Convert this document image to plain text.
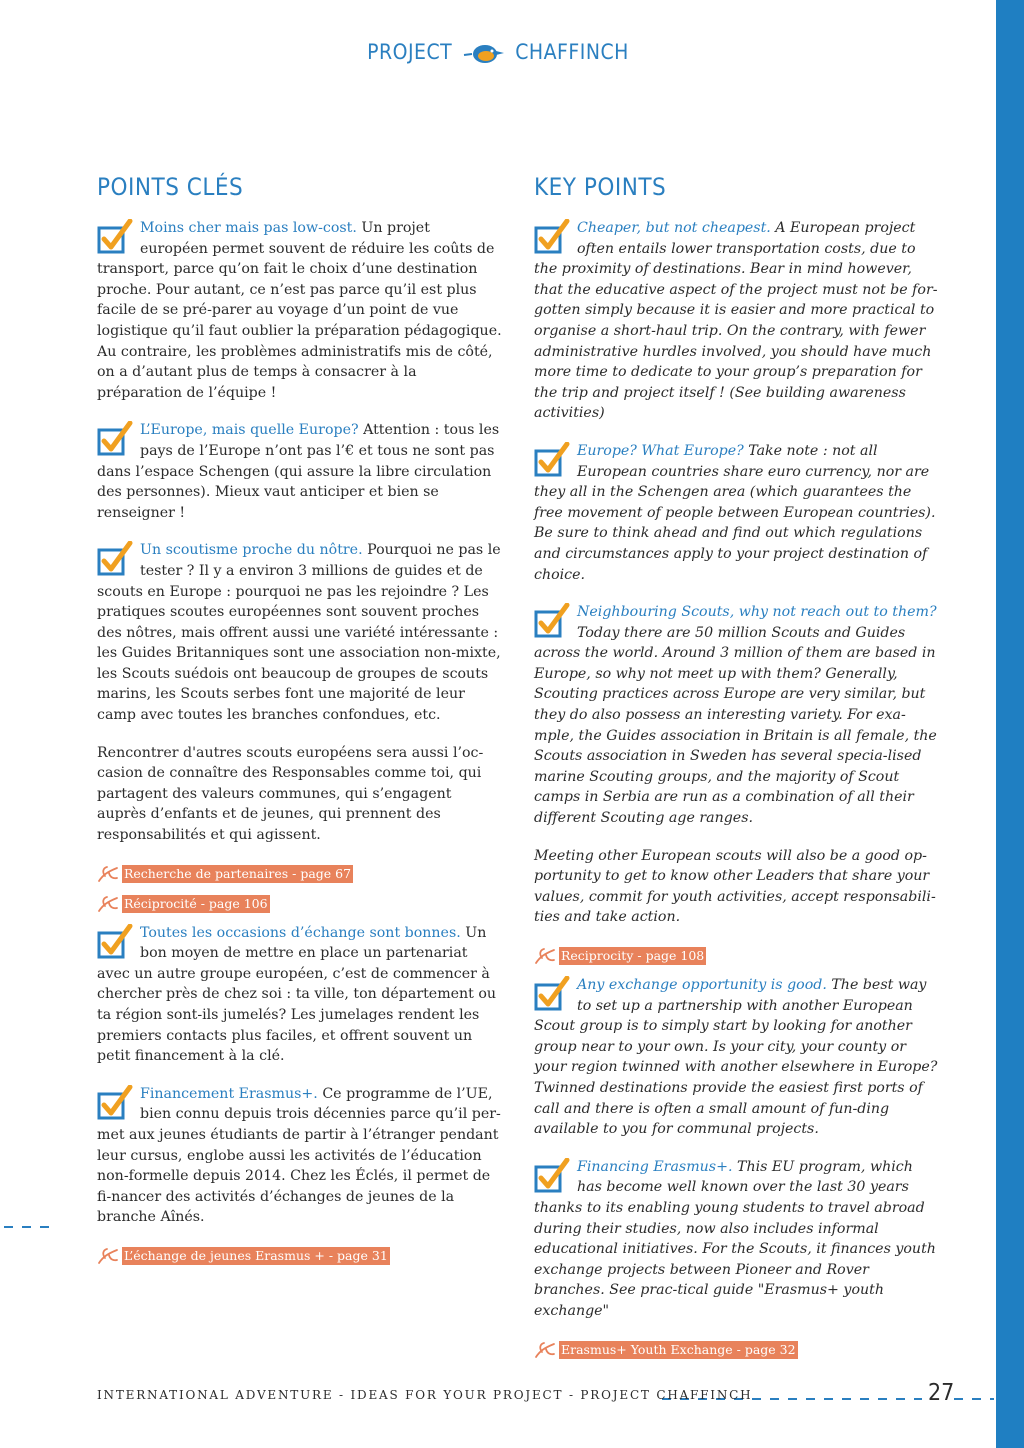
PROJECT	CHAFFINCH
POINTS CLÉS

Moins cher mais pas low-cost. Un projet européen permet souvent de réduire les coûts de transport, parce qu’on fait le choix d’une destination proche. Pour autant, ce n’est pas parce qu’il est plus facile de se pré-parer au voyage d’un point de vue logistique qu’il faut oublier la préparation pédagogique. Au contraire, les problèmes administratifs mis de côté, on a d’autant plus de temps à consacrer à la préparation de l’équipe !

L’Europe, mais quelle Europe? Attention : tous les pays de l’Europe n’ont pas l’€ et tous ne sont pas dans l’espace Schengen (qui assure la libre circulation des personnes). Mieux vaut anticiper et bien se renseigner !

Un scoutisme proche du nôtre. Pourquoi ne pas le tester ? Il y a environ 3 millions de guides et de scouts en Europe : pourquoi ne pas les rejoindre ? Les pratiques scoutes européennes sont souvent proches des nôtres, mais offrent aussi une variété intéressante : les Guides Britanniques sont une association non-mixte, les Scouts suédois ont beaucoup de groupes de scouts marins, les Scouts serbes font une majorité de leur camp avec toutes les branches confondues, etc.

Rencontrer d'autres scouts européens sera aussi l’oc-casion de connaître des Responsables comme toi, qui partagent des valeurs communes, qui s’engagent auprès d’enfants et de jeunes, qui prennent des responsabilités et qui agissent.

Recherche de partenaires - page 67
Réciprocité - page 106

Toutes les occasions d’échange sont bonnes. Un bon moyen de mettre en place un partenariat avec un autre groupe européen, c’est de commencer à chercher près de chez soi : ta ville, ton département ou ta région sont-ils jumelés? Les jumelages rendent les premiers contacts plus faciles, et offrent souvent un petit financement à la clé.

Financement Erasmus+. Ce programme de l’UE, bien connu depuis trois décennies parce qu’il per-met aux jeunes étudiants de partir à l’étranger pendant leur cursus, englobe aussi les activités de l’éducation non-formelle depuis 2014. Chez les Éclés, il permet de fi-nancer des activités d’échanges de jeunes de la branche Aînés.

L’échange de jeunes Erasmus + - page 31
KEY POINTS

Cheaper, but not cheapest. A European project often entails lower transportation costs, due to the proximity of destinations. Bear in mind however, that the educative aspect of the project must not be for-gotten simply because it is easier and more practical to organise a short-haul trip. On the contrary, with fewer administrative hurdles involved, you should have much more time to dedicate to your group’s preparation for the trip and project itself ! (See building awareness activities)

Europe? What Europe? Take note : not all European countries share euro currency, nor are they all in the Schengen area (which guarantees the free movement of people between European countries). Be sure to think ahead and find out which regulations and circumstances apply to your project destination of choice.

Neighbouring Scouts, why not reach out to them? Today there are 50 million Scouts and Guides across the world. Around 3 million of them are based in Europe, so why not meet up with them? Generally, Scouting practices across Europe are very similar, but they do also possess an interesting variety. For exa-mple, the Guides association in Britain is all female, the Scouts association in Sweden has several specia-lised marine Scouting groups, and the majority of Scout camps in Serbia are run as a combination of all their different Scouting age ranges.

Meeting other European scouts will also be a good op-portunity to get to know other Leaders that share your values, commit for youth activities, accept responsabili-ties and take action.

Reciprocity - page 108

Any exchange opportunity is good. The best way to set up a partnership with another European Scout group is to simply start by looking for another group near to your own. Is your city, your county or your region twinned with another elsewhere in Europe? Twinned destinations provide the easiest first ports of call and there is often a small amount of fun-ding available to you for communal projects.

Financing Erasmus+. This EU program, which has become well known over the last 30 years thanks to its enabling young students to travel abroad during their studies, now also includes informal educational initiatives. For the Scouts, it finances youth exchange projects between Pioneer and Rover branches. See prac-tical guide "Erasmus+ youth exchange"

Erasmus+ Youth Exchange - page 32
INTERNATIONAL ADVENTURE - IDEAS FOR YOUR PROJECT - PROJECT CHAFFINCH	27
